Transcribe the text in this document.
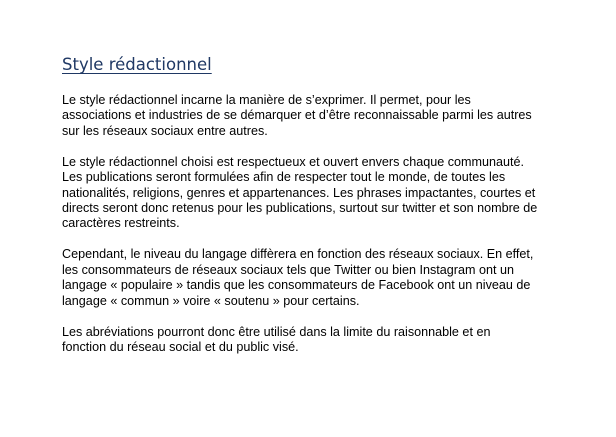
Style rédactionnel

Le style rédactionnel incarne la manière de s’exprimer. Il permet, pour les
associations et industries de se démarquer et d’être reconnaissable parmi les autres
sur les réseaux sociaux entre autres.

Le style rédactionnel choisi est respectueux et ouvert envers chaque communauté.
Les publications seront formulées afin de respecter tout le monde, de toutes les
nationalités, religions, genres et appartenances. Les phrases impactantes, courtes et
directs seront donc retenus pour les publications, surtout sur twitter et son nombre de
caractères restreints.

Cependant, le niveau du langage diffèrera en fonction des réseaux sociaux. En effet,
les consommateurs de réseaux sociaux tels que Twitter ou bien Instagram ont un
langage « populaire » tandis que les consommateurs de Facebook ont un niveau de
langage « commun » voire « soutenu » pour certains.

Les abréviations pourront donc être utilisé dans la limite du raisonnable et en
fonction du réseau social et du public visé.
